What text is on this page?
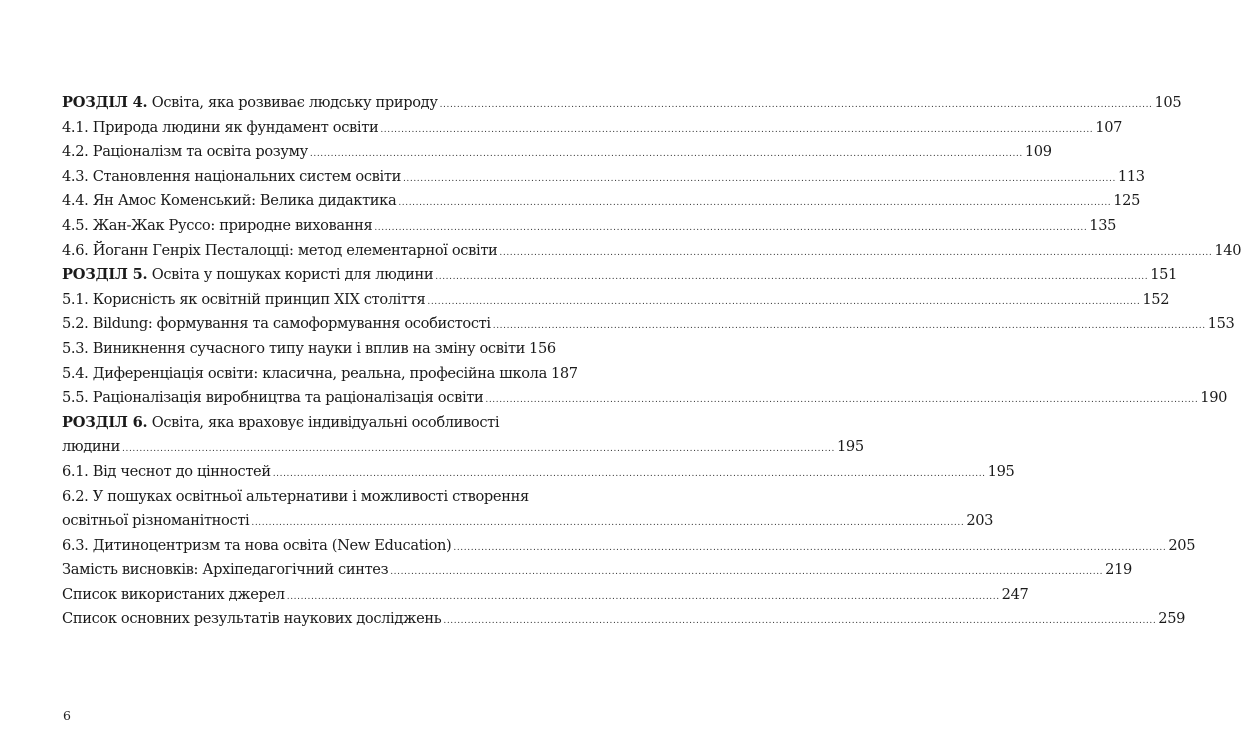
РОЗДІЛ 4. Освіта, яка розвиває людську природу .....	105
4.1. Природа людини як фундамент освіти .....	107
4.2. Раціоналізм та освіта розуму .....	109
4.3. Становлення національних систем освіти .....	113
4.4. Ян Амос Коменський: Велика дидактика .....	125
4.5. Жан-Жак Руссо: природне виховання .....	135
4.6. Йоганн Генріх Песталоцці: метод елементарної освіти .....	140
РОЗДІЛ 5. Освіта у пошуках користі для людини .....	151
5.1. Корисність як освітній принцип XIX століття .....	152
5.2. Bildung: формування та самоформування особистості .....	153
5.3. Виникнення сучасного типу науки і вплив на зміну освіти 156
5.4. Диференціація освіти: класична, реальна, професійна школа 187
5.5. Раціоналізація виробництва та раціоналізація освіти .....	190
РОЗДІЛ 6. Освіта, яка враховує індивідуальні особливості
людини .....	195
6.1. Від чеснот до цінностей .....	195
6.2. У пошуках освітньої альтернативи і можливості створення
освітньої різноманітності .....	203
6.3. Дитиноцентризм та нова освіта (New Education) .....	205
Замість висновків: Архіпедагогічний синтез .....	219
Список використаних джерел .....	247
Список основних результатів наукових досліджень .....	259
6
